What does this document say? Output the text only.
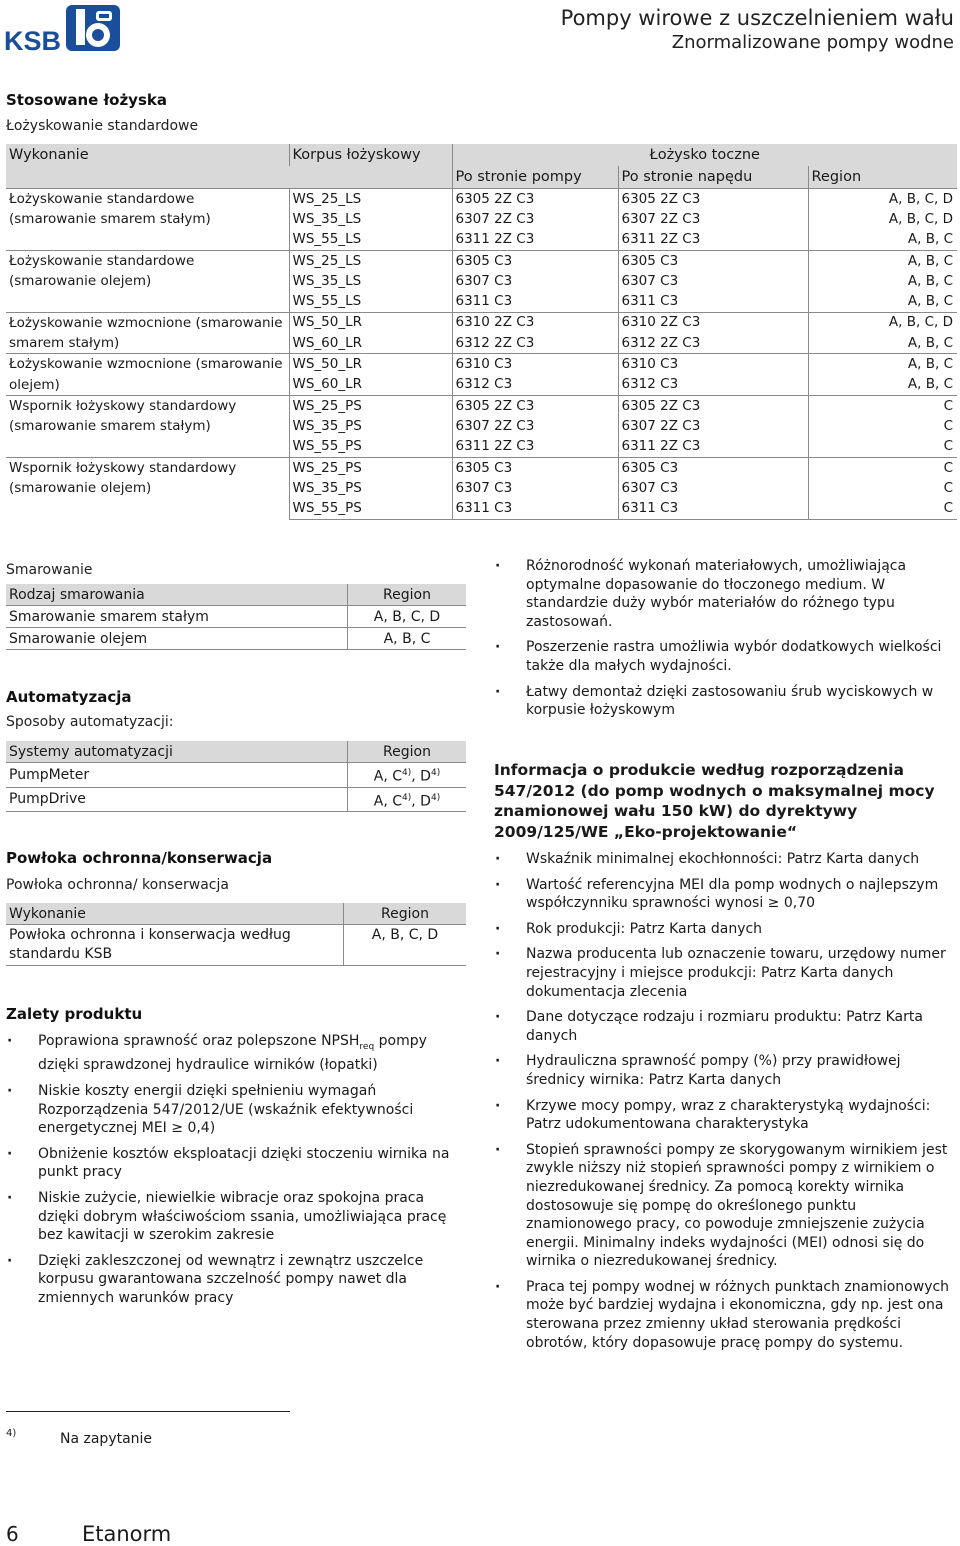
KSB
Pompy wirowe z uszczelnieniem wału
Znormalizowane pompy wodne
Stosowane łożyska
Łożyskowanie standardowe
Wykonanie	Korpus łożyskowy	Łożysko toczne		
		Po stronie pompy	Po stronie napędu	Region
Łożyskowanie standardowe (smarowanie smarem stałym)	WS_25_LS	6305 2Z C3	6305 2Z C3	A, B, C, D
	WS_35_LS	6307 2Z C3	6307 2Z C3	A, B, C, D
	WS_55_LS	6311 2Z C3	6311 2Z C3	A, B, C
Łożyskowanie standardowe (smarowanie olejem)	WS_25_LS	6305 C3	6305 C3	A, B, C
	WS_35_LS	6307 C3	6307 C3	A, B, C
	WS_55_LS	6311 C3	6311 C3	A, B, C
Łożyskowanie wzmocnione (smarowanie smarem stałym)	WS_50_LR	6310 2Z C3	6310 2Z C3	A, B, C, D
	WS_60_LR	6312 2Z C3	6312 2Z C3	A, B, C
Łożyskowanie wzmocnione (smarowanie olejem)	WS_50_LR	6310 C3	6310 C3	A, B, C
	WS_60_LR	6312 C3	6312 C3	A, B, C
Wspornik łożyskowy standardowy (smarowanie smarem stałym)	WS_25_PS	6305 2Z C3	6305 2Z C3	C
	WS_35_PS	6307 2Z C3	6307 2Z C3	C
	WS_55_PS	6311 2Z C3	6311 2Z C3	C
Wspornik łożyskowy standardowy (smarowanie olejem)	WS_25_PS	6305 C3	6305 C3	C
	WS_35_PS	6307 C3	6307 C3	C
	WS_55_PS	6311 C3	6311 C3	C
Smarowanie
Rodzaj smarowania	Region
Smarowanie smarem stałym	A, B, C, D
Smarowanie olejem	A, B, C
Automatyzacja
Sposoby automatyzacji:
Systemy automatyzacji	Region
PumpMeter	A, $C^{4)}$, $D^{4)}$
PumpDrive	A, $C^{4)}$, $D^{4)}$
Powłoka ochronna/konserwacja
Powłoka ochronna/ konserwacja
Wykonanie	Region
Powłoka ochronna i konserwacja według standardu KSB	A, B, C, D
Zalety produktu
· Poprawiona sprawność oraz polepszone $NPSH_{req}$ pompy dzięki sprawdzonej hydraulice wirników (łopatki)
· Niskie koszty energii dzięki spełnieniu wymagań Rozporządzenia 547/2012/UE (wskaźnik efektywności energetycznej MEI ≥ 0,4)
· Obniżenie kosztów eksploatacji dzięki stoczeniu wirnika na punkt pracy
· Niskie zużycie, niewielkie wibracje oraz spokojna praca dzięki dobrym właściwościom ssania, umożliwiająca pracę bez kawitacji w szerokim zakresie
· Dzięki zakleszczonej od wewnątrz i zewnątrz uszczelce korpusu gwarantowana szczelność pompy nawet dla zmiennych warunków pracy
· Różnorodność wykonań materiałowych, umożliwiająca optymalne dopasowanie do tłoczonego medium. W standardzie duży wybór materiałów do różnego typu zastosowań.
· Poszerzenie rastra umożliwia wybór dodatkowych wielkości także dla małych wydajności.
· Łatwy demontaż dzięki zastosowaniu śrub wyciskowych w korpusie łożyskowym
Informacja o produkcie według rozporządzenia 547/2012 (do pomp wodnych o maksymalnej mocy znamionowej wału 150 kW) do dyrektywy 2009/125/WE „Eko-projektowanie“
· Wskaźnik minimalnej ekochłonności: Patrz Karta danych
· Wartość referencyjna MEI dla pomp wodnych o najlepszym współczynniku sprawności wynosi ≥ 0,70
· Rok produkcji: Patrz Karta danych
· Nazwa producenta lub oznaczenie towaru, urzędowy numer rejestracyjny i miejsce produkcji: Patrz Karta danych dokumentacja zlecenia
· Dane dotyczące rodzaju i rozmiaru produktu: Patrz Karta danych
· Hydrauliczna sprawność pompy (%) przy prawidłowej średnicy wirnika: Patrz Karta danych
· Krzywe mocy pompy, wraz z charakterystyką wydajności: Patrz udokumentowana charakterystyka
· Stopień sprawności pompy ze skorygowanym wirnikiem jest zwykle niższy niż stopień sprawności pompy z wirnikiem o niezredukowanej średnicy. Za pomocą korekty wirnika dostosowuje się pompę do określonego punktu znamionowego pracy, co powoduje zmniejszenie zużycia energii. Minimalny indeks wydajności (MEI) odnosi się do wirnika o niezredukowanej średnicy.
· Praca tej pompy wodnej w różnych punktach znamionowych może być bardziej wydajna i ekonomiczna, gdy np. jest ona sterowana przez zmienny układ sterowania prędkości obrotów, który dopasowuje pracę pompy do systemu.
4)	Na zapytanie
6	Etanorm
